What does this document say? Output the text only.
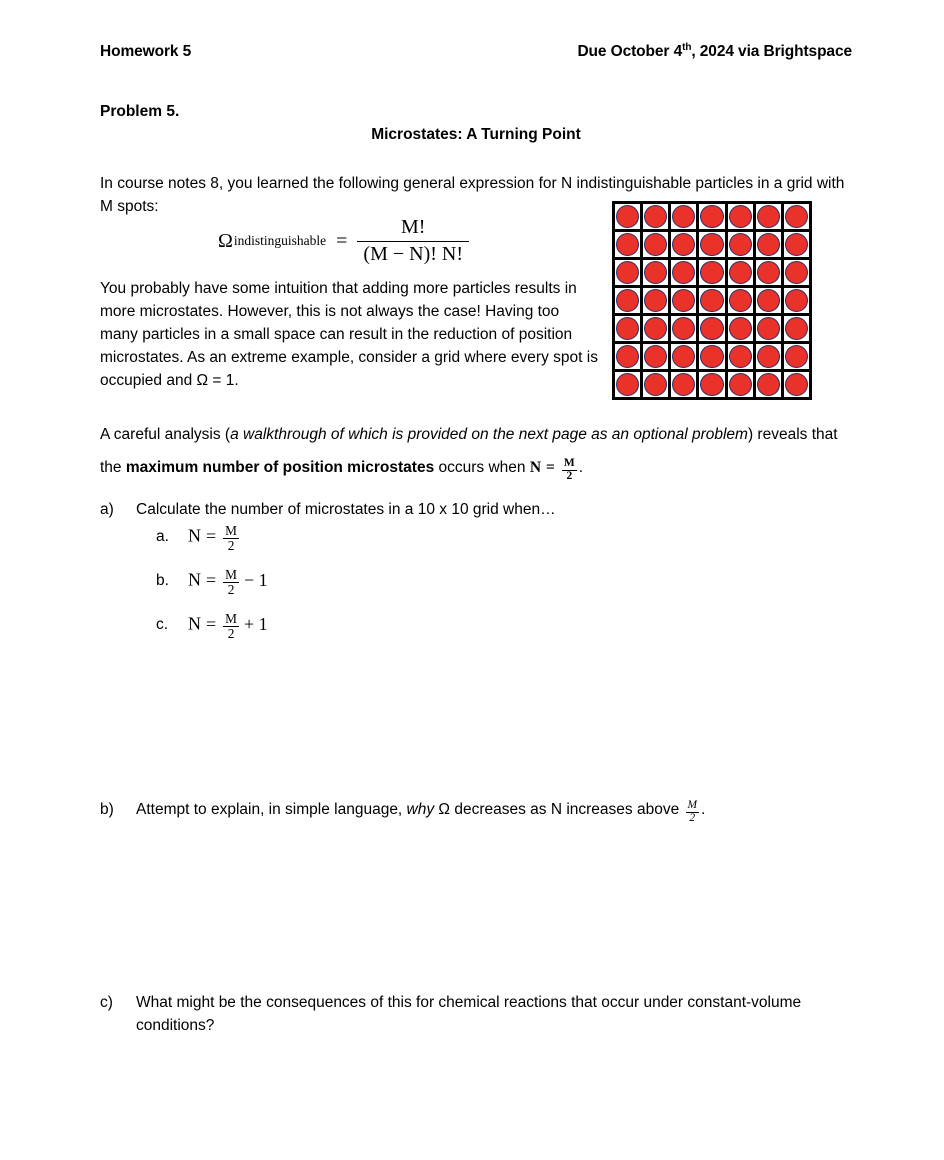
Homework 5	Due October 4th, 2024 via Brightspace
Problem 5.
Microstates: A Turning Point
In course notes 8, you learned the following general expression for N indistinguishable particles in a grid with M spots:
Ω indistinguishable = $\frac{M!}{(M - N)! N!}$
You probably have some intuition that adding more particles results in more microstates. However, this is not always the case! Having too many particles in a small space can result in the reduction of position microstates. As an extreme example, consider a grid where every spot is occupied and Ω = 1.
A careful analysis (a walkthrough of which is provided on the next page as an optional problem) reveals that the maximum number of position microstates occurs when $N = \frac{M}{2}$ .
a) Calculate the number of microstates in a 10 x 10 grid when…
a. $N = \frac{M}{2}$
b. $N = \frac{M}{2} - 1$
c. $N = \frac{M}{2} + 1$
b) Attempt to explain, in simple language, why Ω decreases as N increases above $\frac{M}{2}$ .
c) What might be the consequences of this for chemical reactions that occur under constant-volume conditions?
